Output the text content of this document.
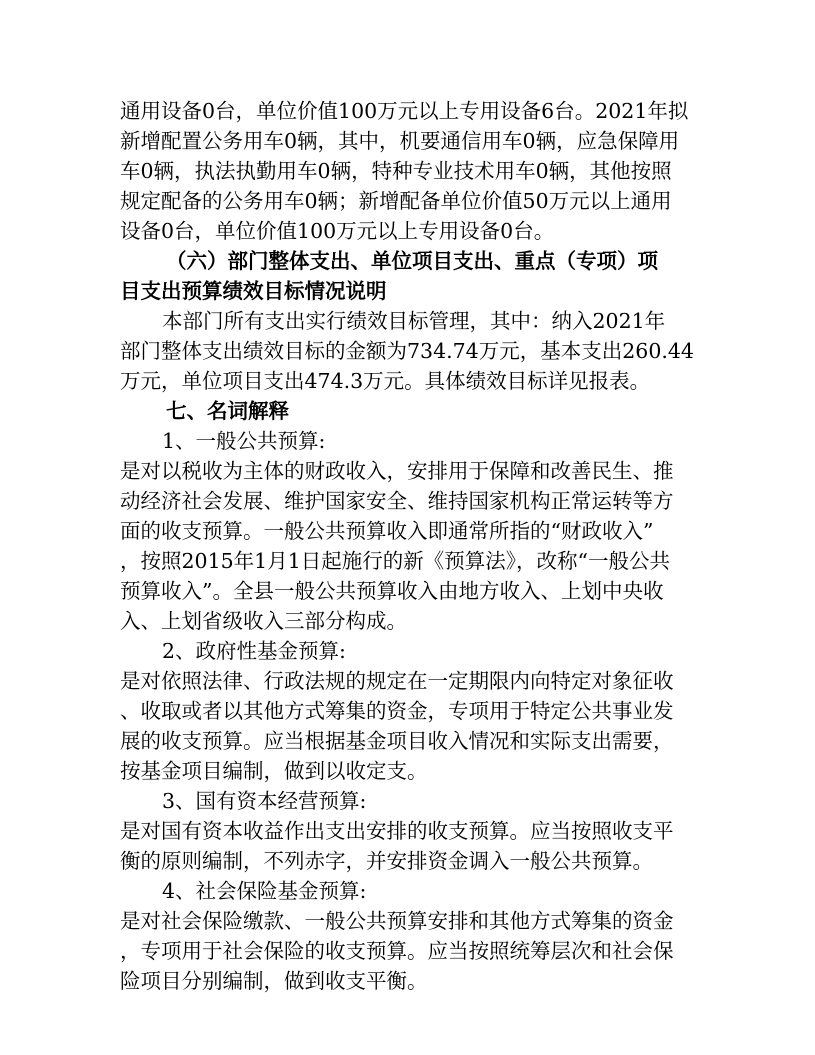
通用设备0台，单位价值100万元以上专用设备6台。2021年拟
新增配置公务用车0辆，其中，机要通信用车0辆，应急保障用
车0辆，执法执勤用车0辆，特种专业技术用车0辆，其他按照
规定配备的公务用车0辆；新增配备单位价值50万元以上通用
设备0台，单位价值100万元以上专用设备0台。
（六）部门整体支出、单位项目支出、重点（专项）项
目支出预算绩效目标情况说明
本部门所有支出实行绩效目标管理，其中：纳入2021年
部门整体支出绩效目标的金额为734.74万元，基本支出260.44
万元，单位项目支出474.3万元。具体绩效目标详见报表。
七、名词解释
1、一般公共预算:
是对以税收为主体的财政收入，安排用于保障和改善民生、推
动经济社会发展、维护国家安全、维持国家机构正常运转等方
面的收支预算。一般公共预算收入即通常所指的“财政收入”
，按照2015年1月1日起施行的新《预算法》，改称“一般公共
预算收入”。全县一般公共预算收入由地方收入、上划中央收
入、上划省级收入三部分构成。
2、政府性基金预算:
是对依照法律、行政法规的规定在一定期限内向特定对象征收
、收取或者以其他方式筹集的资金，专项用于特定公共事业发
展的收支预算。应当根据基金项目收入情况和实际支出需要，
按基金项目编制，做到以收定支。
3、国有资本经营预算:
是对国有资本收益作出支出安排的收支预算。应当按照收支平
衡的原则编制，不列赤字，并安排资金调入一般公共预算。
4、社会保险基金预算:
是对社会保险缴款、一般公共预算安排和其他方式筹集的资金
，专项用于社会保险的收支预算。应当按照统筹层次和社会保
险项目分别编制，做到收支平衡。
